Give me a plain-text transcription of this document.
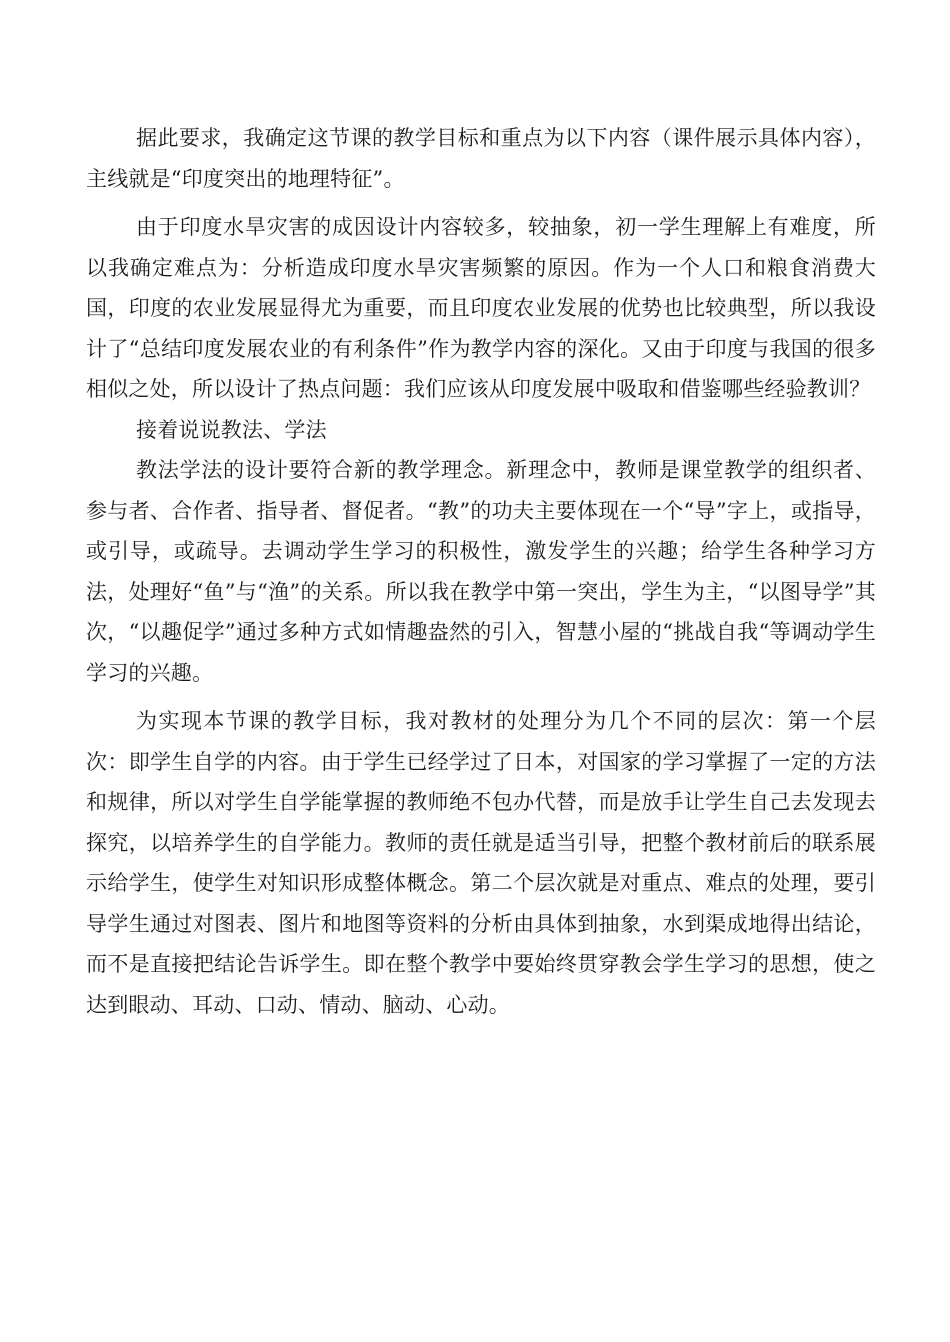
据此要求，我确定这节课的教学目标和重点为以下内容（课件展示具体内容），主线就是“印度突出的地理特征”。

由于印度水旱灾害的成因设计内容较多，较抽象，初一学生理解上有难度，所以我确定难点为：分析造成印度水旱灾害频繁的原因。作为一个人口和粮食消费大国，印度的农业发展显得尤为重要，而且印度农业发展的优势也比较典型，所以我设计了“总结印度发展农业的有利条件”作为教学内容的深化。又由于印度与我国的很多相似之处，所以设计了热点问题：我们应该从印度发展中吸取和借鉴哪些经验教训？

接着说说教法、学法

教法学法的设计要符合新的教学理念。新理念中，教师是课堂教学的组织者、参与者、合作者、指导者、督促者。“教”的功夫主要体现在一个“导”字上，或指导，或引导，或疏导。去调动学生学习的积极性，激发学生的兴趣；给学生各种学习方法，处理好“鱼”与“渔”的关系。所以我在教学中第一突出，学生为主，“以图导学”其次，“以趣促学”通过多种方式如情趣盎然的引入，智慧小屋的“挑战自我“等调动学生学习的兴趣。

为实现本节课的教学目标，我对教材的处理分为几个不同的层次：第一个层次：即学生自学的内容。由于学生已经学过了日本，对国家的学习掌握了一定的方法和规律，所以对学生自学能掌握的教师绝不包办代替，而是放手让学生自己去发现去探究，以培养学生的自学能力。教师的责任就是适当引导，把整个教材前后的联系展示给学生，使学生对知识形成整体概念。第二个层次就是对重点、难点的处理，要引导学生通过对图表、图片和地图等资料的分析由具体到抽象，水到渠成地得出结论，而不是直接把结论告诉学生。即在整个教学中要始终贯穿教会学生学习的思想，使之达到眼动、耳动、口动、情动、脑动、心动。
